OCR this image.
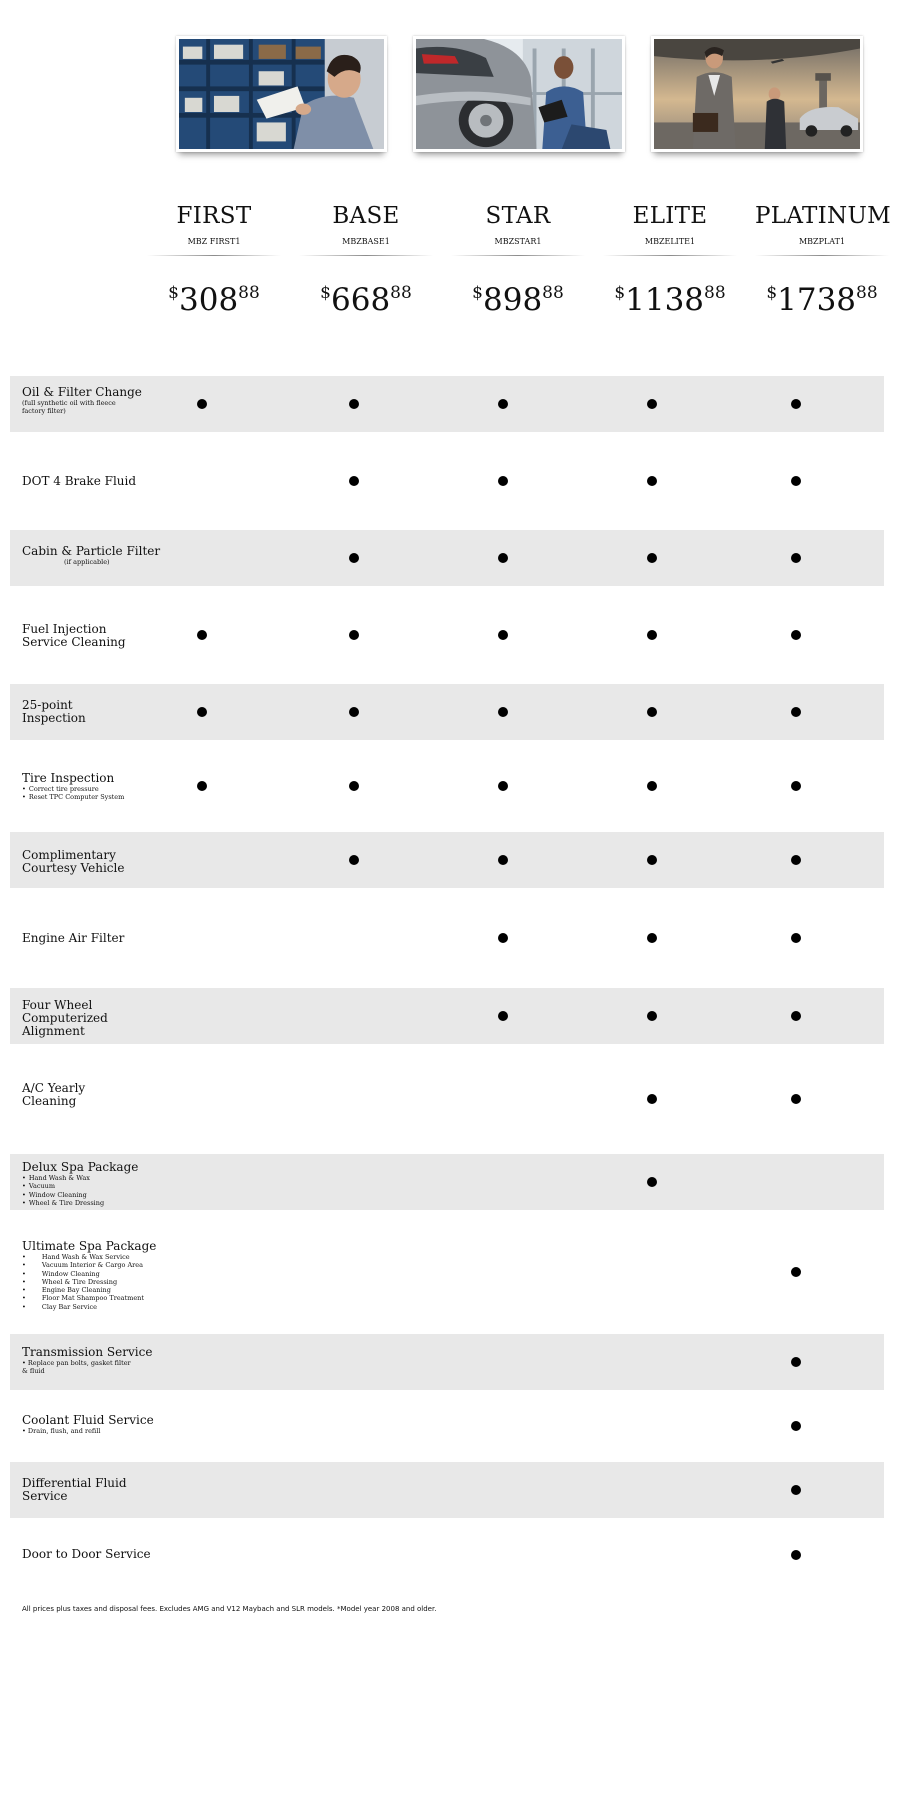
FIRST
MBZ FIRST1
$^{\$}308^{88}$
BASE
MBZBASE1
$^{\$}668^{88}$
STAR
MBZSTAR1
$^{\$}898^{88}$
ELITE
MBZELITE1
$1138$^{88}$
PLATINUM
MBZPLAT1
$1738$^{88}$
Oil & Filter Change
(full synthetic oil with fleece factory filter)
DOT 4 Brake Fluid
Cabin & Particle Filter
(if applicable)
Fuel Injection
Service Cleaning
25-point
Inspection
Tire Inspection
• Correct tire pressure
• Reset TPC Computer System
Complimentary
Courtesy Vehicle
Engine Air Filter
Four Wheel
Computerized Alignment
A/C Yearly
Cleaning
Delux Spa Package
• Hand Wash & Wax
• Vacuum
• Window Cleaning
• Wheel & Tire Dressing
Ultimate Spa Package
• Hand Wash & Wax Service
• Vacuum Interior & Cargo Area
• Window Cleaning
• Wheel & Tire Dressing
• Engine Bay Cleaning
• Floor Mat Shampoo Treatment
• Clay Bar Service
Transmission Service
• Replace pan bolts, gasket filter & fluid
Coolant Fluid Service
• Drain, flush, and refill
Differential Fluid
Service
Door to Door Service
All prices plus taxes and disposal fees. Excludes AMG and V12 Maybach and SLR models. *Model year 2008 and older.
